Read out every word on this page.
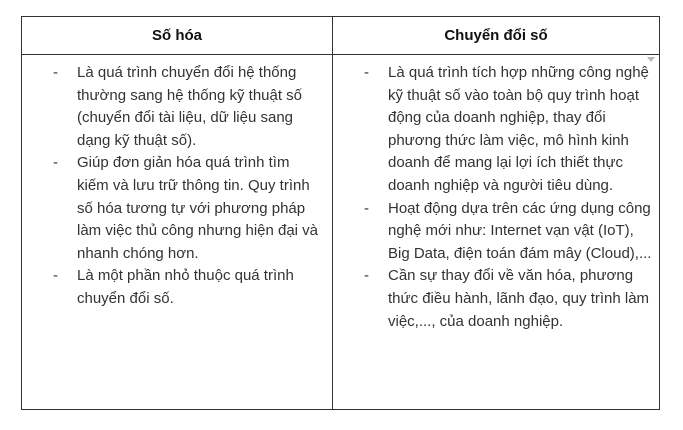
Số hóa	Chuyển đổi số
- Là quá trình chuyển đổi hệ thống thường sang hệ thống kỹ thuật số (chuyển đổi tài liệu, dữ liệu sang dạng kỹ thuật số).
- Giúp đơn giản hóa quá trình tìm kiếm và lưu trữ thông tin. Quy trình số hóa tương tự với phương pháp làm việc thủ công nhưng hiện đại và nhanh chóng hơn.
- Là một phần nhỏ thuộc quá trình chuyển đổi số.
- Là quá trình tích hợp những công nghệ kỹ thuật số vào toàn bộ quy trình hoạt động của doanh nghiệp, thay đổi phương thức làm việc, mô hình kinh doanh để mang lại lợi ích thiết thực doanh nghiệp và người tiêu dùng.
- Hoạt động dựa trên các ứng dụng công nghệ mới như: Internet vạn vật (IoT), Big Data, điện toán đám mây (Cloud),...
- Cần sự thay đổi về văn hóa, phương thức điều hành, lãnh đạo, quy trình làm việc,..., của doanh nghiệp.
